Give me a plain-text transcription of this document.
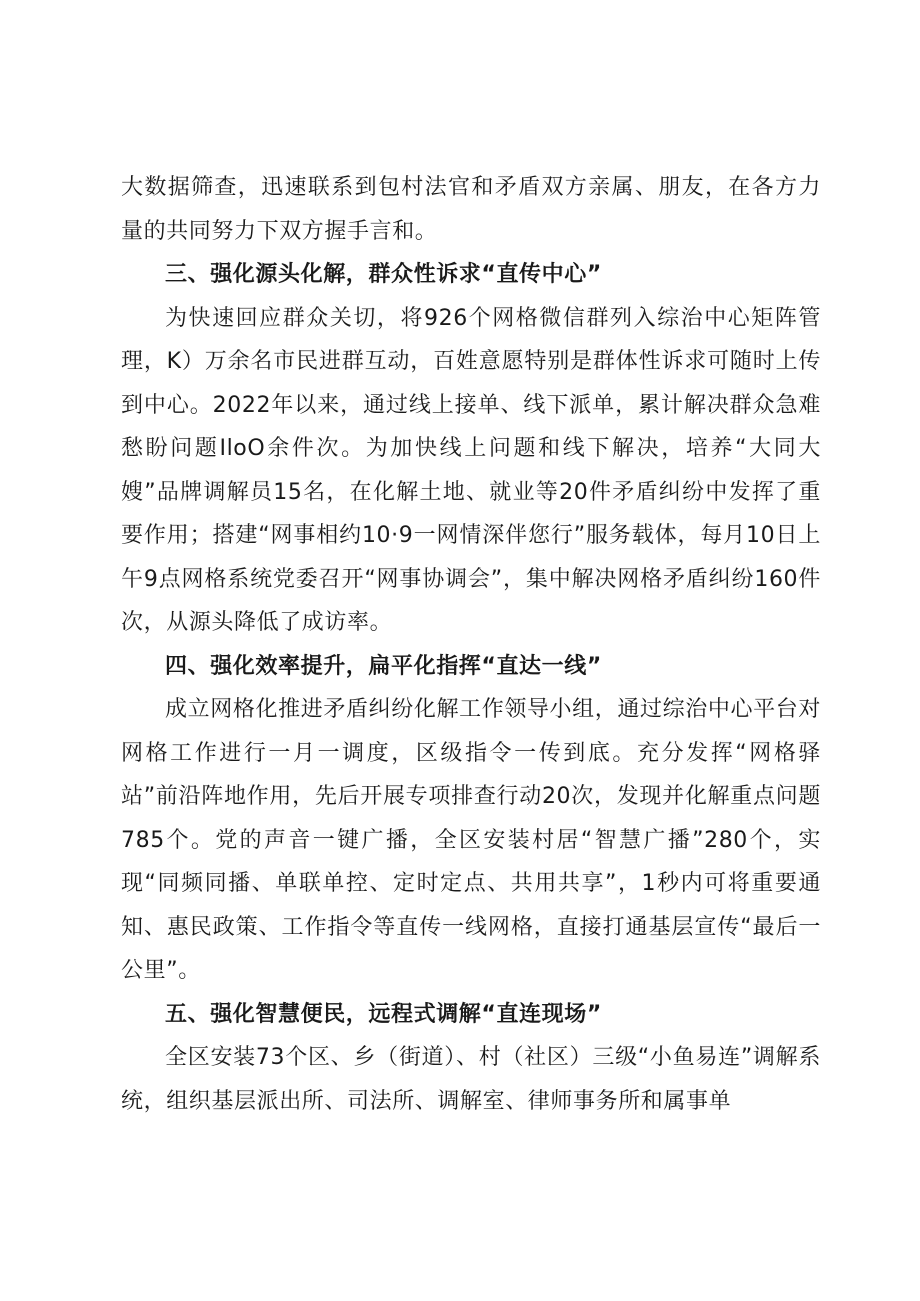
大数据筛查，迅速联系到包村法官和矛盾双方亲属、朋友，在各方力量的共同努力下双方握手言和。

三、强化源头化解，群众性诉求“直传中心”

为快速回应群众关切，将926个网格微信群列入综治中心矩阵管理，K）万余名市民进群互动，百姓意愿特别是群体性诉求可随时上传到中心。2022年以来，通过线上接单、线下派单，累计解决群众急难愁盼问题IloO余件次。为加快线上问题和线下解决，培养“大同大嫂”品牌调解员15名，在化解土地、就业等20件矛盾纠纷中发挥了重要作用；搭建“网事相约10·9一网情深伴您行”服务载体，每月10日上午9点网格系统党委召开“网事协调会”，集中解决网格矛盾纠纷160件次，从源头降低了成访率。

四、强化效率提升，扁平化指挥“直达一线”

成立网格化推进矛盾纠纷化解工作领导小组，通过综治中心平台对网格工作进行一月一调度，区级指令一传到底。充分发挥“网格驿站”前沿阵地作用，先后开展专项排查行动20次，发现并化解重点问题785个。党的声音一键广播，全区安装村居“智慧广播”280个，实现“同频同播、单联单控、定时定点、共用共享”，1秒内可将重要通知、惠民政策、工作指令等直传一线网格，直接打通基层宣传“最后一公里”。

五、强化智慧便民，远程式调解“直连现场”

全区安装73个区、乡（街道）、村（社区）三级“小鱼易连”调解系统，组织基层派出所、司法所、调解室、律师事务所和属事单
